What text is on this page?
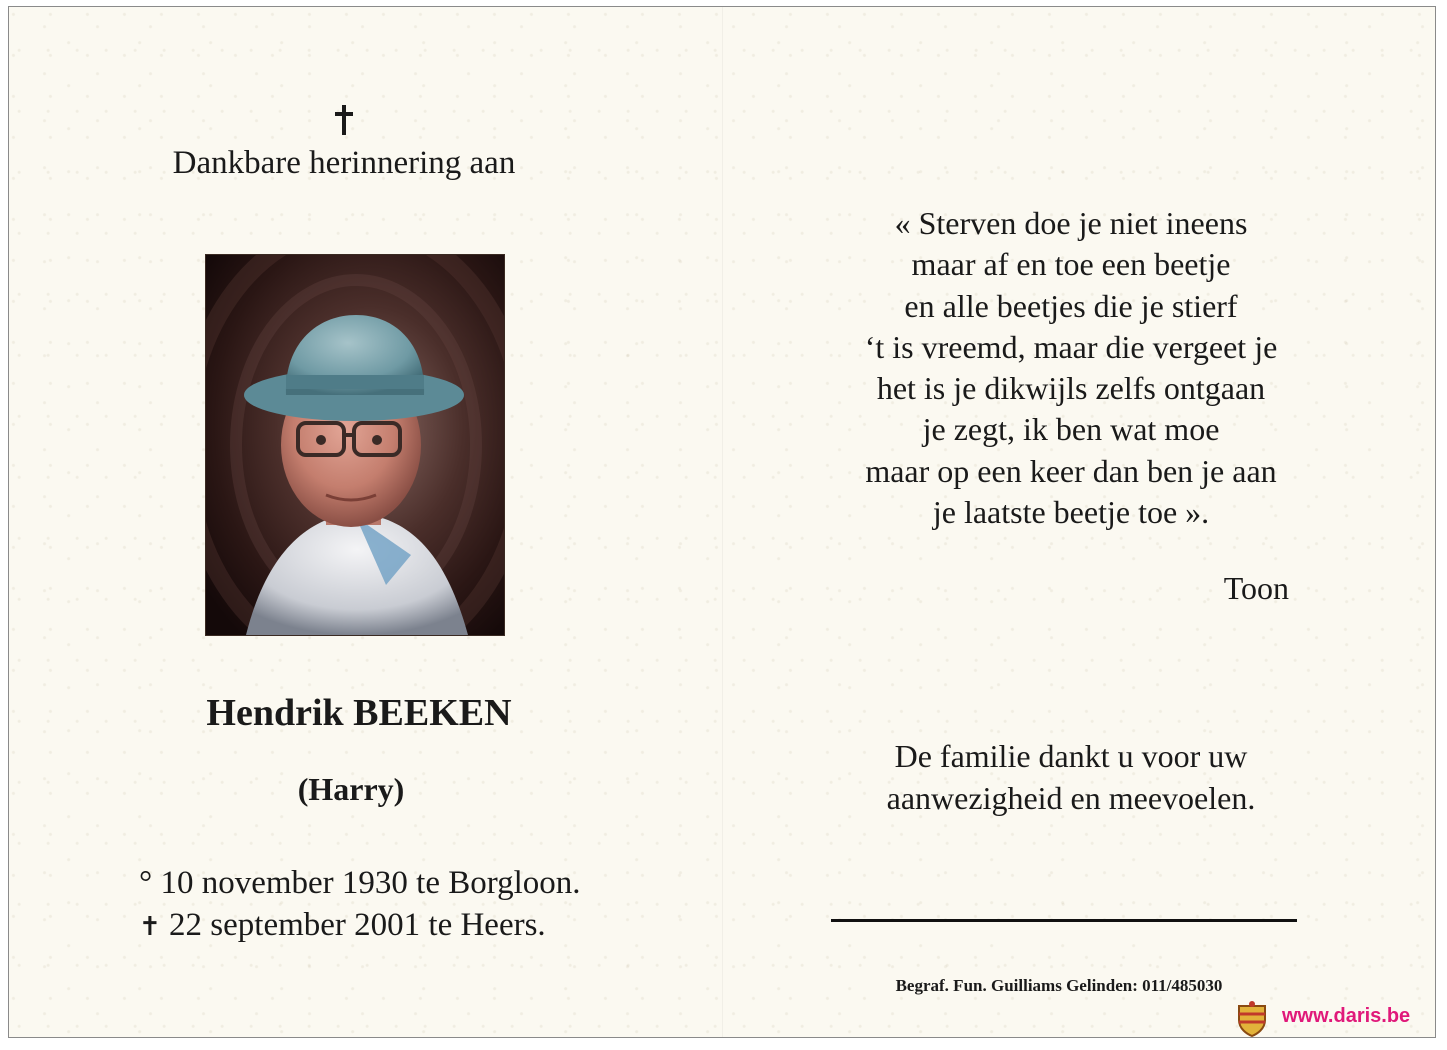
Dankbare herinnering aan
Hendrik BEEKEN
(Harry)
° 10 november 1930 te Borgloon.
✝ 22 september 2001 te Heers.
« Sterven doe je niet ineens
maar af en toe een beetje
en alle beetjes die je stierf
‘t is vreemd, maar die vergeet je
het is je dikwijls zelfs ontgaan
je zegt, ik ben wat moe
maar op een keer dan ben je aan
je laatste beetje toe ».
Toon
De familie dankt u voor uw
aanwezigheid en meevoelen.
Begraf. Fun. Guilliams Gelinden: 011/485030
www.daris.be
